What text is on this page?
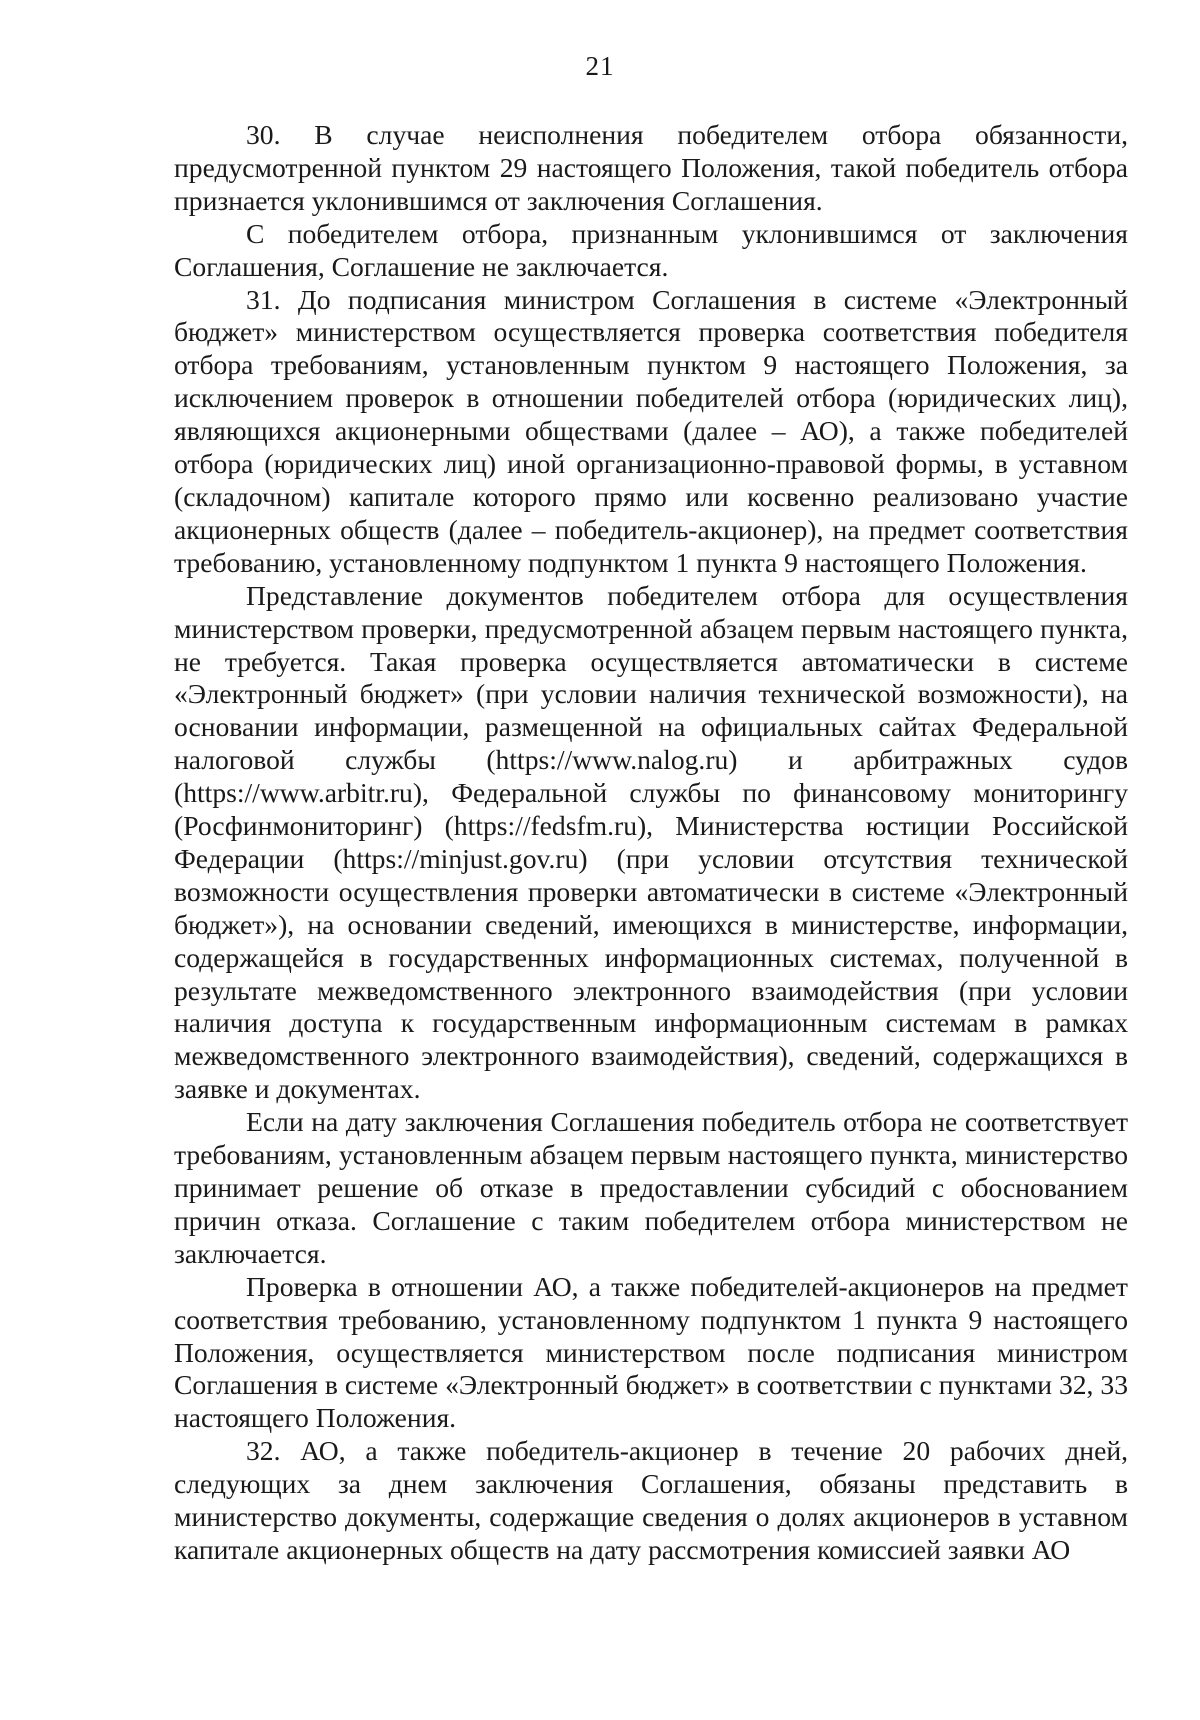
21

30. В случае неисполнения победителем отбора обязанности, предусмотренной пунктом 29 настоящего Положения, такой победитель отбора признается уклонившимся от заключения Соглашения.

С победителем отбора, признанным уклонившимся от заключения Соглашения, Соглашение не заключается.

31. До подписания министром Соглашения в системе «Электронный бюджет» министерством осуществляется проверка соответствия победителя отбора требованиям, установленным пунктом 9 настоящего Положения, за исключением проверок в отношении победителей отбора (юридических лиц), являющихся акционерными обществами (далее – АО), а также победителей отбора (юридических лиц) иной организационно-правовой формы, в уставном (складочном) капитале которого прямо или косвенно реализовано участие акционерных обществ (далее – победитель-акционер), на предмет соответствия требованию, установленному подпунктом 1 пункта 9 настоящего Положения.

Представление документов победителем отбора для осуществления министерством проверки, предусмотренной абзацем первым настоящего пункта, не требуется. Такая проверка осуществляется автоматически в системе «Электронный бюджет» (при условии наличия технической возможности), на основании информации, размещенной на официальных сайтах Федеральной налоговой службы (https://www.nalog.ru) и арбитражных судов (https://www.arbitr.ru), Федеральной службы по финансовому мониторингу (Росфинмониторинг) (https://fedsfm.ru), Министерства юстиции Российской Федерации (https://minjust.gov.ru) (при условии отсутствия технической возможности осуществления проверки автоматически в системе «Электронный бюджет»), на основании сведений, имеющихся в министерстве, информации, содержащейся в государственных информационных системах, полученной в результате межведомственного электронного взаимодействия (при условии наличия доступа к государственным информационным системам в рамках межведомственного электронного взаимодействия), сведений, содержащихся в заявке и документах.

Если на дату заключения Соглашения победитель отбора не соответствует требованиям, установленным абзацем первым настоящего пункта, министерство принимает решение об отказе в предоставлении субсидий с обоснованием причин отказа. Соглашение с таким победителем отбора министерством не заключается.

Проверка в отношении АО, а также победителей-акционеров на предмет соответствия требованию, установленному подпунктом 1 пункта 9 настоящего Положения, осуществляется министерством после подписания министром Соглашения в системе «Электронный бюджет» в соответствии с пунктами 32, 33 настоящего Положения.

32. АО, а также победитель-акционер в течение 20 рабочих дней, следующих за днем заключения Соглашения, обязаны представить в министерство документы, содержащие сведения о долях акционеров в уставном капитале акционерных обществ на дату рассмотрения комиссией заявки АО
